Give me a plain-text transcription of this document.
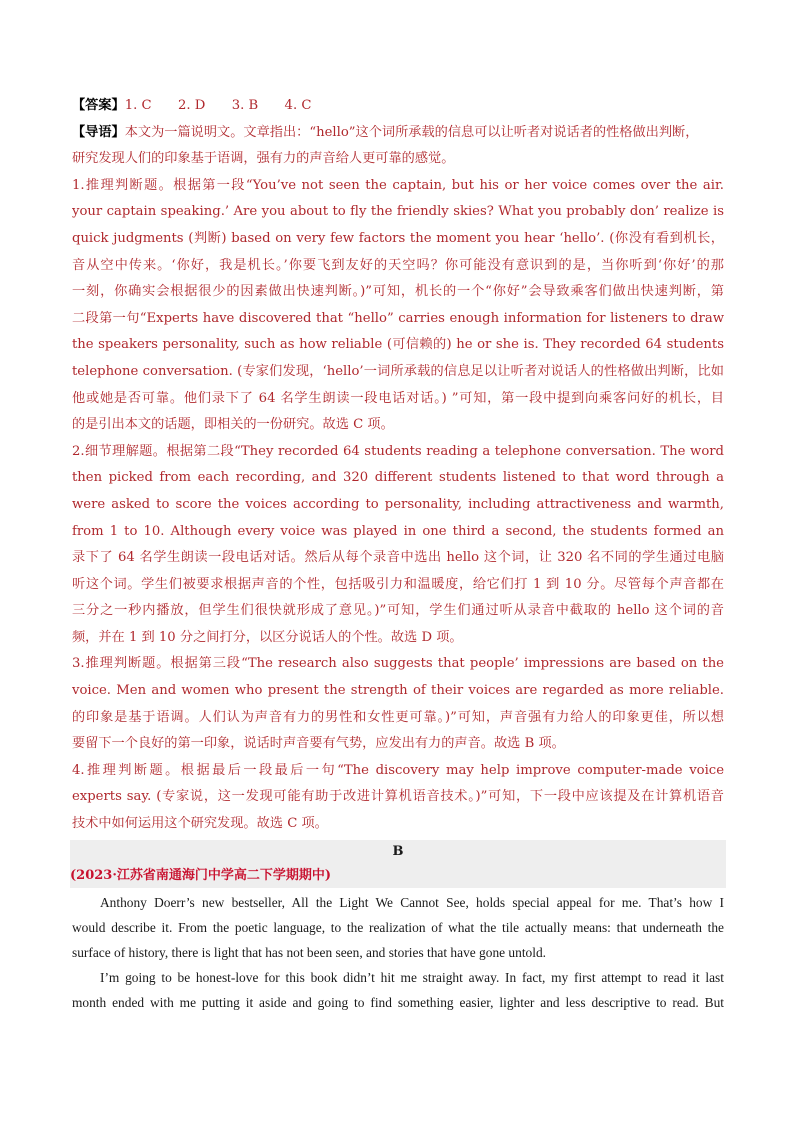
【答案】1. C　　2. D　　3. B　　4. C
【导语】本文为一篇说明文。文章指出：“hello”这个词所承载的信息可以让听者对说话者的性格做出判断，
研究发现人们的印象基于语调，强有力的声音给人更可靠的感觉。
1.推理判断题。根据第一段“You’ve not seen the captain, but his or her voice comes over the air.
your captain speaking.’ Are you about to fly the friendly skies? What you probably don’ realize is
quick judgments (判断) based on very few factors the moment you hear ‘hello’. (你没有看到机长，
音从空中传来。‘你好，我是机长。’你要飞到友好的天空吗？你可能没有意识到的是，当你听到‘你好’的那
一刻，你确实会根据很少的因素做出快速判断。)”可知，机长的一个“你好”会导致乘客们做出快速判断，第
二段第一句“Experts have discovered that “hello” carries enough information for listeners to draw
the speakers personality, such as how reliable (可信赖的) he or she is. They recorded 64 students
telephone conversation. (专家们发现，‘hello’一词所承载的信息足以让听者对说话人的性格做出判断，比如
他或她是否可靠。他们录下了 64 名学生朗读一段电话对话。) ”可知，第一段中提到向乘客问好的机长，目
的是引出本文的话题，即相关的一份研究。故选 C 项。
2.细节理解题。根据第二段“They recorded 64 students reading a telephone conversation. The word
then picked from each recording, and 320 different students listened to that word through a
were asked to score the voices according to personality, including attractiveness and warmth,
from 1 to 10. Although every voice was played in one third a second, the students formed an
录下了 64 名学生朗读一段电话对话。然后从每个录音中选出 hello 这个词，让 320 名不同的学生通过电脑
听这个词。学生们被要求根据声音的个性，包括吸引力和温暖度，给它们打 1 到 10 分。尽管每个声音都在
三分之一秒内播放，但学生们很快就形成了意见。)”可知，学生们通过听从录音中截取的 hello 这个词的音
频，并在 1 到 10 分之间打分，以区分说话人的个性。故选 D 项。
3.推理判断题。根据第三段“The research also suggests that people’ impressions are based on the
voice. Men and women who present the strength of their voices are regarded as more reliable.
的印象是基于语调。人们认为声音有力的男性和女性更可靠。)”可知，声音强有力给人的印象更佳，所以想
要留下一个良好的第一印象，说话时声音要有气势，应发出有力的声音。故选 B 项。
4.推理判断题。根据最后一段最后一句“The discovery may help improve computer-made voice
experts say. (专家说，这一发现可能有助于改进计算机语音技术。)”可知，下一段中应该提及在计算机语音
技术中如何运用这个研究发现。故选 C 项。
B
(2023·江苏省南通海门中学高二下学期期中)
Anthony Doerr’s new bestseller, All the Light We Cannot See, holds special appeal for me. That’s how I
would describe it. From the poetic language, to the realization of what the tile actually means: that underneath the
surface of history, there is light that has not been seen, and stories that have gone untold.
I’m going to be honest-love for this book didn’t hit me straight away. In fact, my first attempt to read it last
month ended with me putting it aside and going to find something easier, lighter and less descriptive to read. But
